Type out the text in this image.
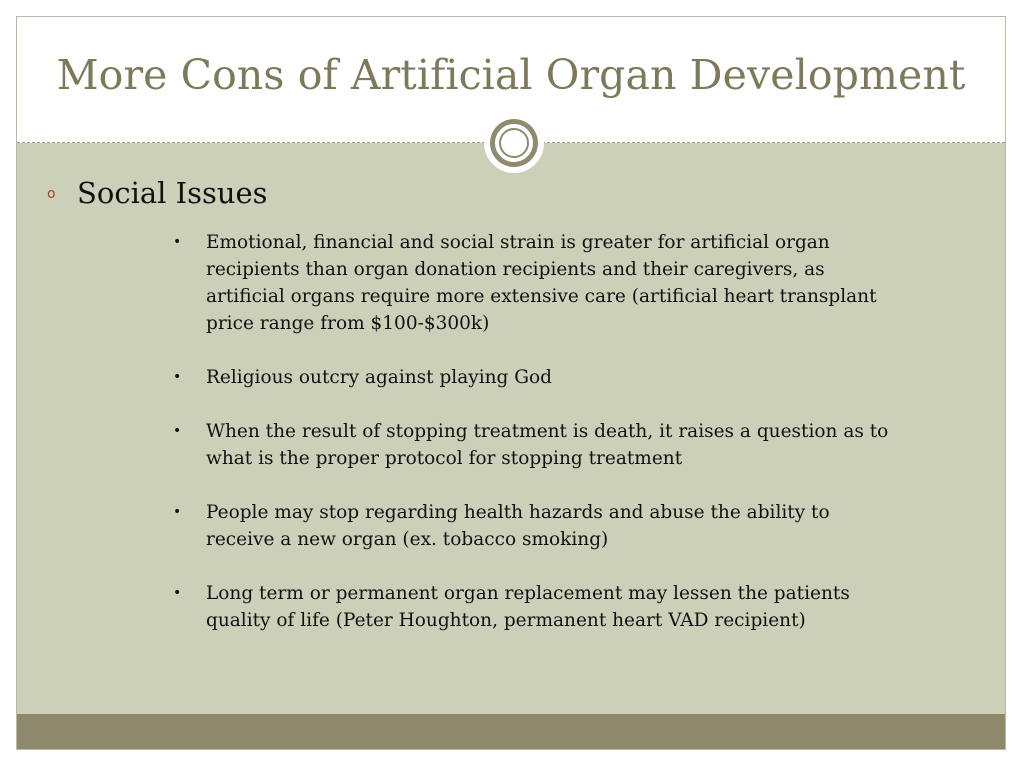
More Cons of Artificial Organ Development
o Social Issues
•	Emotional, financial and social strain is greater for artificial organ recipients than organ donation recipients and their caregivers, as artificial organs require more extensive care (artificial heart transplant price range from $100-$300k)
•	Religious outcry against playing God
•	When the result of stopping treatment is death, it raises a question as to what is the proper protocol for stopping treatment
•	People may stop regarding health hazards and abuse the ability to receive a new organ (ex. tobacco smoking)
•	Long term or permanent organ replacement may lessen the patients quality of life (Peter Houghton, permanent heart VAD recipient)
